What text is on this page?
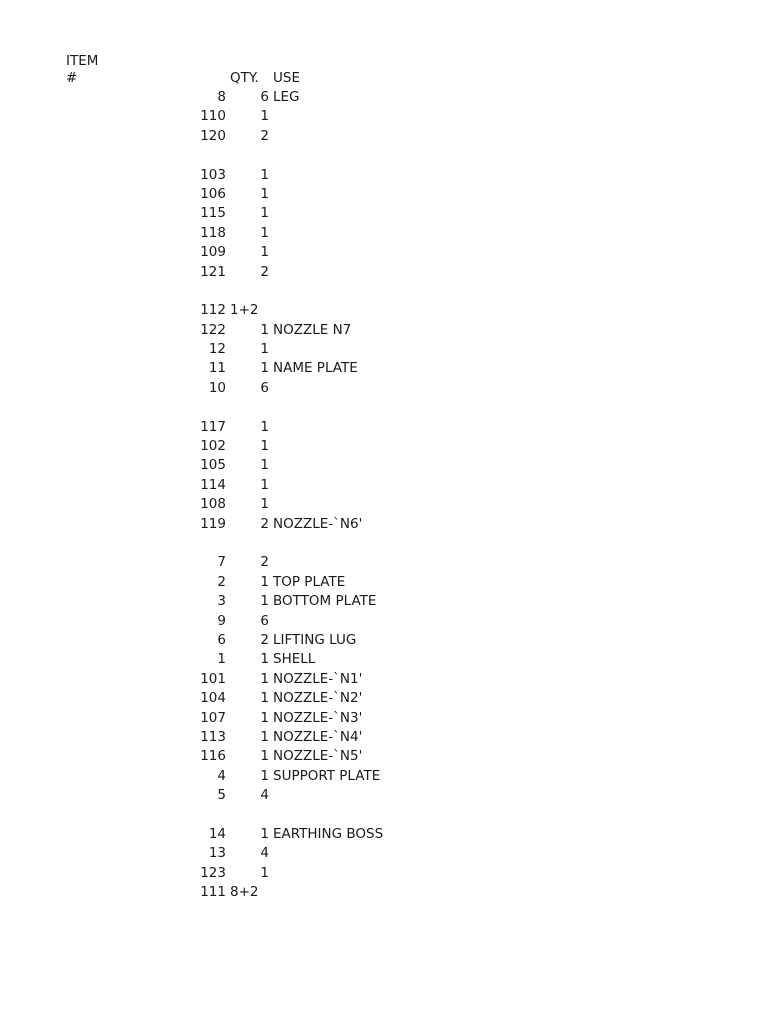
ITEM
#	QTY. USE
8	6 LEG
110	1
120	2
103	1
106	1
115	1
118	1
109	1
121	2
112 1+2
122	1 NOZZLE N7
12	1
11	1 NAME PLATE
10	6
117	1
102	1
105	1
114	1
108	1
119	2 NOZZLE-`N6'
7	2
2	1 TOP PLATE
3	1 BOTTOM PLATE
9	6
6	2 LIFTING LUG
1	1 SHELL
101	1 NOZZLE-`N1'
104	1 NOZZLE-`N2'
107	1 NOZZLE-`N3'
113	1 NOZZLE-`N4'
116	1 NOZZLE-`N5'
4	1 SUPPORT PLATE
5	4
14	1 EARTHING BOSS
13	4
123	1
111 8+2
